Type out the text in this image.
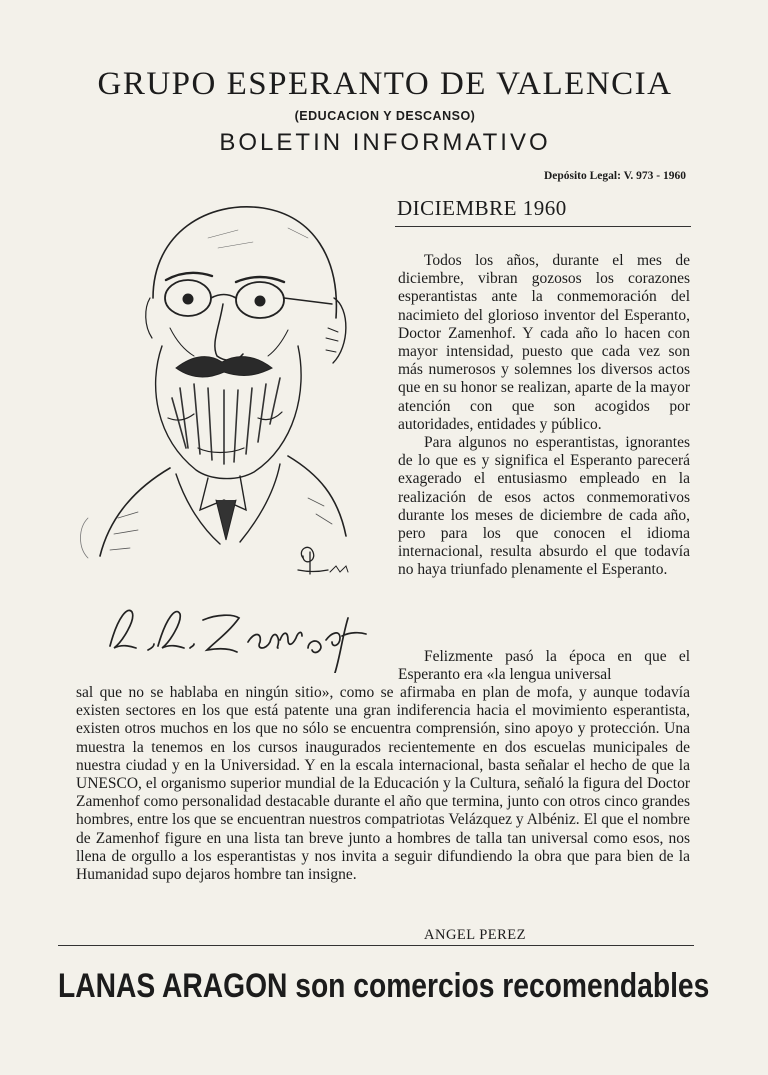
GRUPO ESPERANTO DE VALENCIA
(EDUCACION Y DESCANSO)
BOLETIN INFORMATIVO
Depósito Legal: V. 973 - 1960
DICIEMBRE 1960

Todos los años, durante el mes de diciembre, vibran gozosos los corazones esperantistas ante la conmemoración del nacimieto del glorioso inventor del Esperanto, Doctor Zamenhof. Y cada año lo hacen con mayor intensidad, puesto que cada vez son más numerosos y solemnes los diversos actos que en su honor se realizan, aparte de la mayor atención con que son acogidos por autoridades, entidades y público.

Para algunos no esperantistas, ignorantes de lo que es y significa el Esperanto parecerá exagerado el entusiasmo empleado en la realización de esos actos conmemorativos durante los meses de diciembre de cada año, pero para los que conocen el idioma internacional, resulta absurdo el que todavía no haya triunfado plenamente el Esperanto.

Felizmente pasó la época en que el Esperanto era «la lengua universal
sal que no se hablaba en ningún sitio», como se afirmaba en plan de mofa, y aunque todavía existen sectores en los que está patente una gran indiferencia hacia el movimiento esperantista, existen otros muchos en los que no sólo se encuentra comprensión, sino apoyo y protección. Una muestra la tenemos en los cursos inaugurados recientemente en dos escuelas municipales de nuestra ciudad y en la Universidad. Y en la escala internacional, basta señalar el hecho de que la UNESCO, el organismo superior mundial de la Educación y la Cultura, señaló la figura del Doctor Zamenhof como personalidad destacable durante el año que termina, junto con otros cinco grandes hombres, entre los que se encuentran nuestros compatriotas Velázquez y Albéniz. El que el nombre de Zamenhof figure en una lista tan breve junto a hombres de talla tan universal como esos, nos llena de orgullo a los esperantistas y nos invita a seguir difundiendo la obra que para bien de la Humanidad supo dejaros hombre tan insigne.
ANGEL PEREZ
LANAS ARAGON son comercios recomendables
